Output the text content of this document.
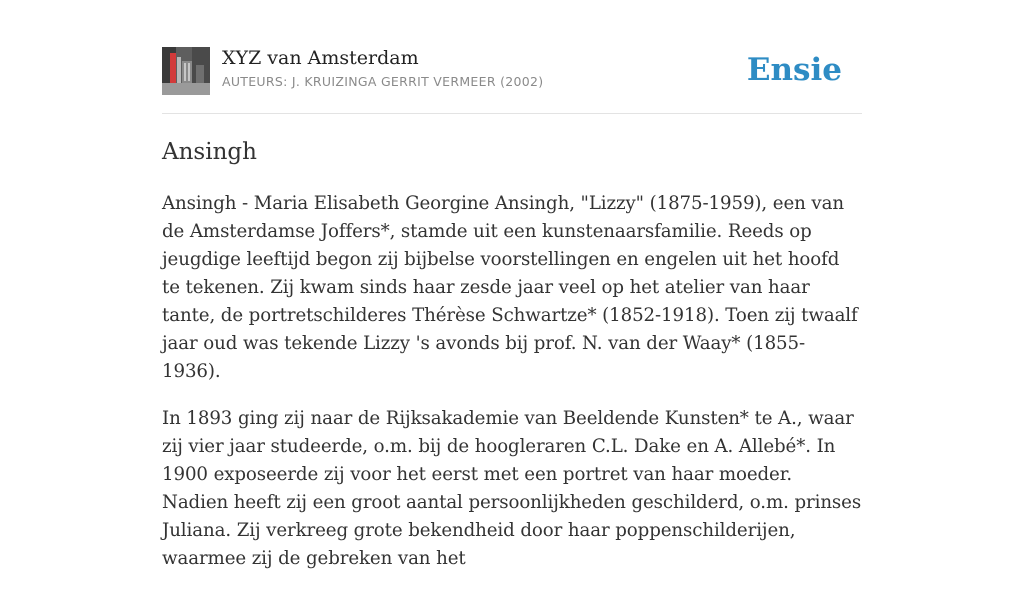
XYZ van Amsterdam
AUTEURS: J. KRUIZINGA GERRIT VERMEER (2002)	Ensie
Ansingh

Ansingh - Maria Elisabeth Georgine Ansingh, "Lizzy" (1875-1959), een van de Amsterdamse Joffers*, stamde uit een kunstenaarsfamilie. Reeds op jeugdige leeftijd begon zij bijbelse voorstellingen en engelen uit het hoofd te tekenen. Zij kwam sinds haar zesde jaar veel op het atelier van haar tante, de portretschilderes Thérèse Schwartze* (1852-1918). Toen zij twaalf jaar oud was tekende Lizzy 's avonds bij prof. N. van der Waay* (1855-1936).

In 1893 ging zij naar de Rijksakademie van Beeldende Kunsten* te A., waar zij vier jaar studeerde, o.m. bij de hoogleraren C.L. Dake en A. Allebé*. In 1900 exposeerde zij voor het eerst met een portret van haar moeder. Nadien heeft zij een groot aantal persoonlijkheden geschilderd, o.m. prinses Juliana. Zij verkreeg grote bekendheid door haar poppenschilderijen, waarmee zij de gebreken van het
